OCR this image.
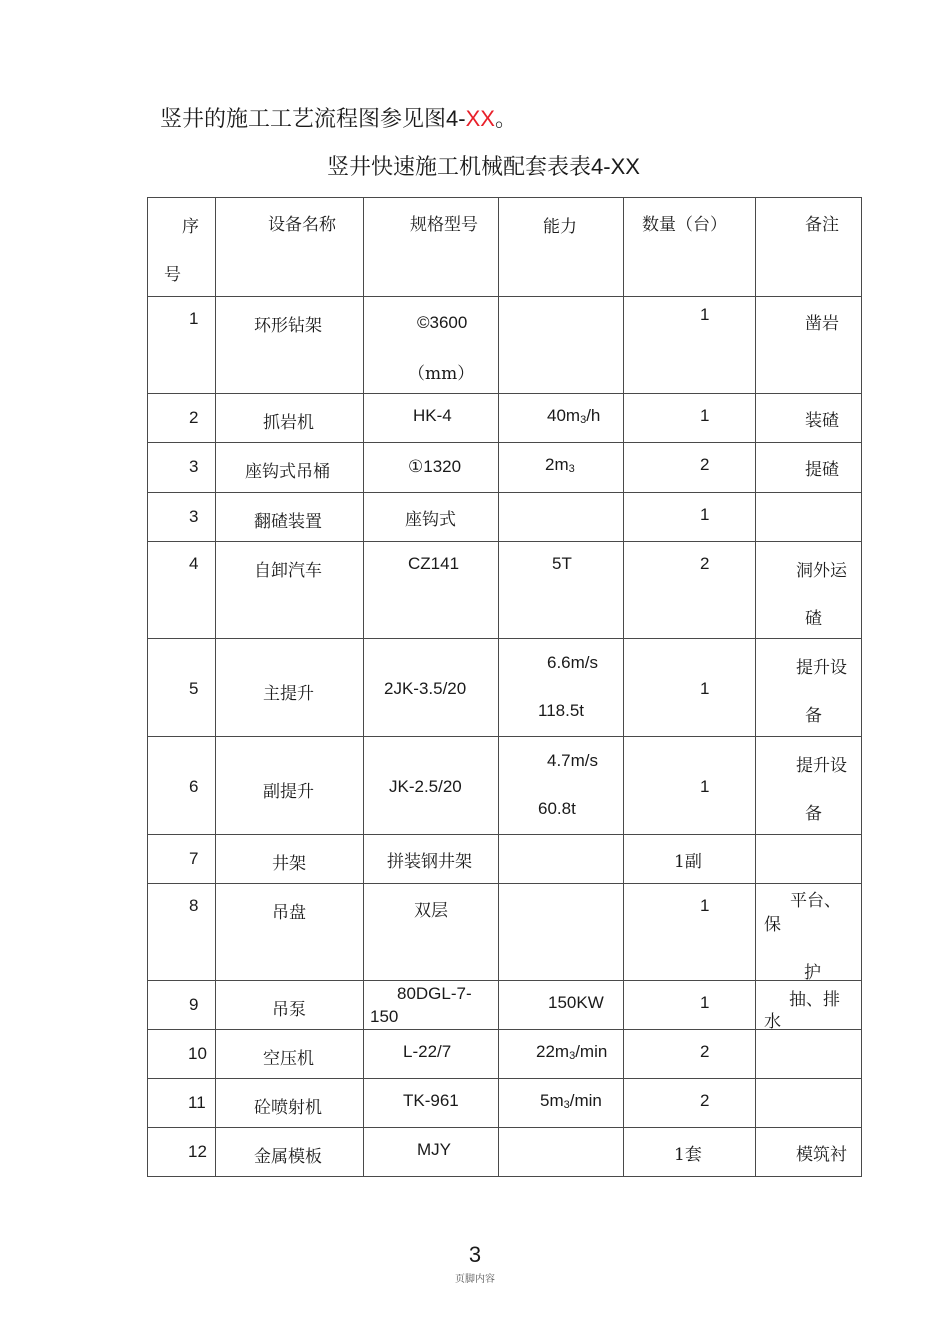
竖井的施工工艺流程图参见图4-XX。
竖井快速施工机械配套表表4-XX
序
号	设备名称	规格型号	能力	数量（台）	备注

1	环形钻架	©3600
（mm）		1	凿岩

2	抓岩机	HK-4	$40m_3/h$	1	装碴

3	座钩式吊桶	①1320	$2m_3$	2	提碴

3	翻碴装置	座钩式		1	

4	自卸汽车	CZ141	5T	2	洞外运
碴

5	主提升	2JK-3.5/20	6.6m/s
118.5t	1	提升设
备

6	副提升	JK-2.5/20	4.7m/s
60.8t	1	提升设
备

7	井架	拼装钢井架		1副	

8	吊盘	双层		1	平台、
保
护

9	吊泵	80DGL-7-
150	150KW	1	抽、排
水

10	空压机	L-22/7	$22m_3/\min$	2	

11	砼喷射机	TK-961	$5m_3/\min$	2	

12	金属模板	MJY		1套	模筑衬
3
页脚内容
